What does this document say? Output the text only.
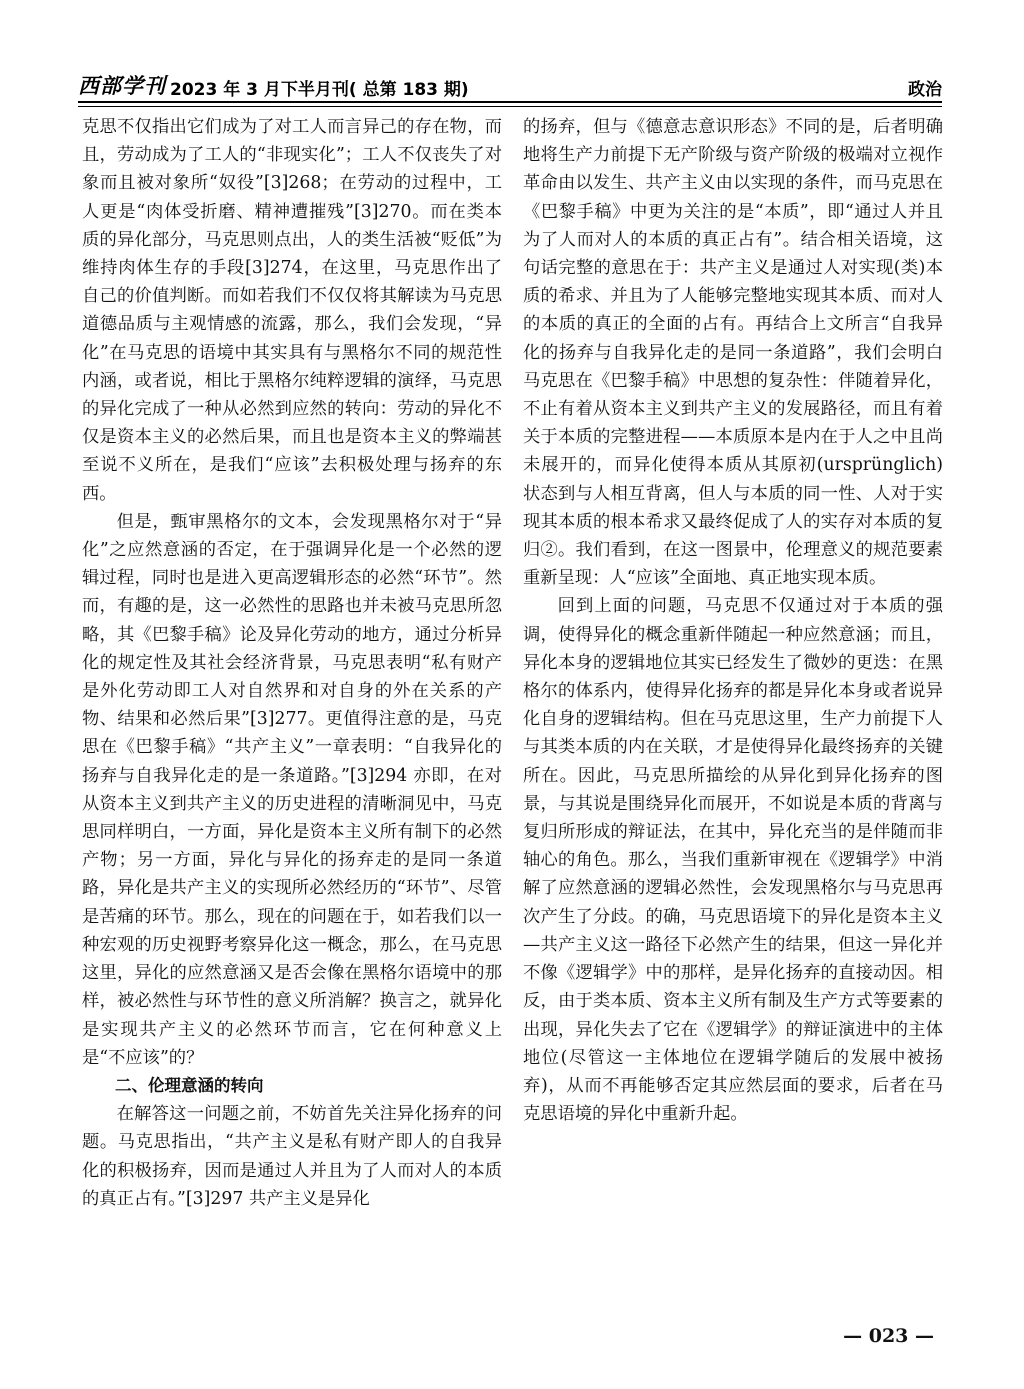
西部学刊 2023 年 3 月下半月刊( 总第 183 期)	政治

克思不仅指出它们成为了对工人而言异己的存在物，而且，劳动成为了工人的“非现实化”；工人不仅丧失了对象而且被对象所“奴役”[3]268；在劳动的过程中，工人更是“肉体受折磨、精神遭摧残”[3]270。而在类本质的异化部分，马克思则点出，人的类生活被“贬低”为维持肉体生存的手段[3]274，在这里，马克思作出了自己的价值判断。而如若我们不仅仅将其解读为马克思道德品质与主观情感的流露，那么，我们会发现，“异化”在马克思的语境中其实具有与黑格尔不同的规范性内涵，或者说，相比于黑格尔纯粹逻辑的演绎，马克思的异化完成了一种从必然到应然的转向：劳动的异化不仅是资本主义的必然后果，而且也是资本主义的弊端甚至说不义所在，是我们“应该”去积极处理与扬弃的东西。

但是，甄审黑格尔的文本，会发现黑格尔对于“异化”之应然意涵的否定，在于强调异化是一个必然的逻辑过程，同时也是进入更高逻辑形态的必然“环节”。然而，有趣的是，这一必然性的思路也并未被马克思所忽略，其《巴黎手稿》论及异化劳动的地方，通过分析异化的规定性及其社会经济背景，马克思表明“私有财产是外化劳动即工人对自然界和对自身的外在关系的产物、结果和必然后果”[3]277。更值得注意的是，马克思在《巴黎手稿》“共产主义”一章表明：“自我异化的扬弃与自我异化走的是一条道路。”[3]294 亦即，在对从资本主义到共产主义的历史进程的清晰洞见中，马克思同样明白，一方面，异化是资本主义所有制下的必然产物；另一方面，异化与异化的扬弃走的是同一条道路，异化是共产主义的实现所必然经历的“环节”、尽管是苦痛的环节。那么，现在的问题在于，如若我们以一种宏观的历史视野考察异化这一概念，那么，在马克思这里，异化的应然意涵又是否会像在黑格尔语境中的那样，被必然性与环节性的意义所消解？换言之，就异化是实现共产主义的必然环节而言，它在何种意义上是“不应该”的？

二、伦理意涵的转向

在解答这一问题之前，不妨首先关注异化扬弃的问题。马克思指出，“共产主义是私有财产即人的自我异化的积极扬弃，因而是通过人并且为了人而对人的本质的真正占有。”[3]297 共产主义是异化

的扬弃，但与《德意志意识形态》不同的是，后者明确地将生产力前提下无产阶级与资产阶级的极端对立视作革命由以发生、共产主义由以实现的条件，而马克思在《巴黎手稿》中更为关注的是“本质”，即“通过人并且为了人而对人的本质的真正占有”。结合相关语境，这句话完整的意思在于：共产主义是通过人对实现(类)本质的希求、并且为了人能够完整地实现其本质、而对人的本质的真正的全面的占有。再结合上文所言“自我异化的扬弃与自我异化走的是同一条道路”，我们会明白马克思在《巴黎手稿》中思想的复杂性：伴随着异化，不止有着从资本主义到共产主义的发展路径，而且有着关于本质的完整进程——本质原本是内在于人之中且尚未展开的，而异化使得本质从其原初(ursprünglich)状态到与人相互背离，但人与本质的同一性、人对于实现其本质的根本希求又最终促成了人的实存对本质的复归②。我们看到，在这一图景中，伦理意义的规范要素重新呈现：人“应该”全面地、真正地实现本质。

回到上面的问题，马克思不仅通过对于本质的强调，使得异化的概念重新伴随起一种应然意涵；而且，异化本身的逻辑地位其实已经发生了微妙的更迭：在黑格尔的体系内，使得异化扬弃的都是异化本身或者说异化自身的逻辑结构。但在马克思这里，生产力前提下人与其类本质的内在关联，才是使得异化最终扬弃的关键所在。因此，马克思所描绘的从异化到异化扬弃的图景，与其说是围绕异化而展开，不如说是本质的背离与复归所形成的辩证法，在其中，异化充当的是伴随而非轴心的角色。那么，当我们重新审视在《逻辑学》中消解了应然意涵的逻辑必然性，会发现黑格尔与马克思再次产生了分歧。的确，马克思语境下的异化是资本主义—共产主义这一路径下必然产生的结果，但这一异化并不像《逻辑学》中的那样，是异化扬弃的直接动因。相反，由于类本质、资本主义所有制及生产方式等要素的出现，异化失去了它在《逻辑学》的辩证演进中的主体地位(尽管这一主体地位在逻辑学随后的发展中被扬弃)，从而不再能够否定其应然层面的要求，后者在马克思语境的异化中重新升起。

— 023 —
